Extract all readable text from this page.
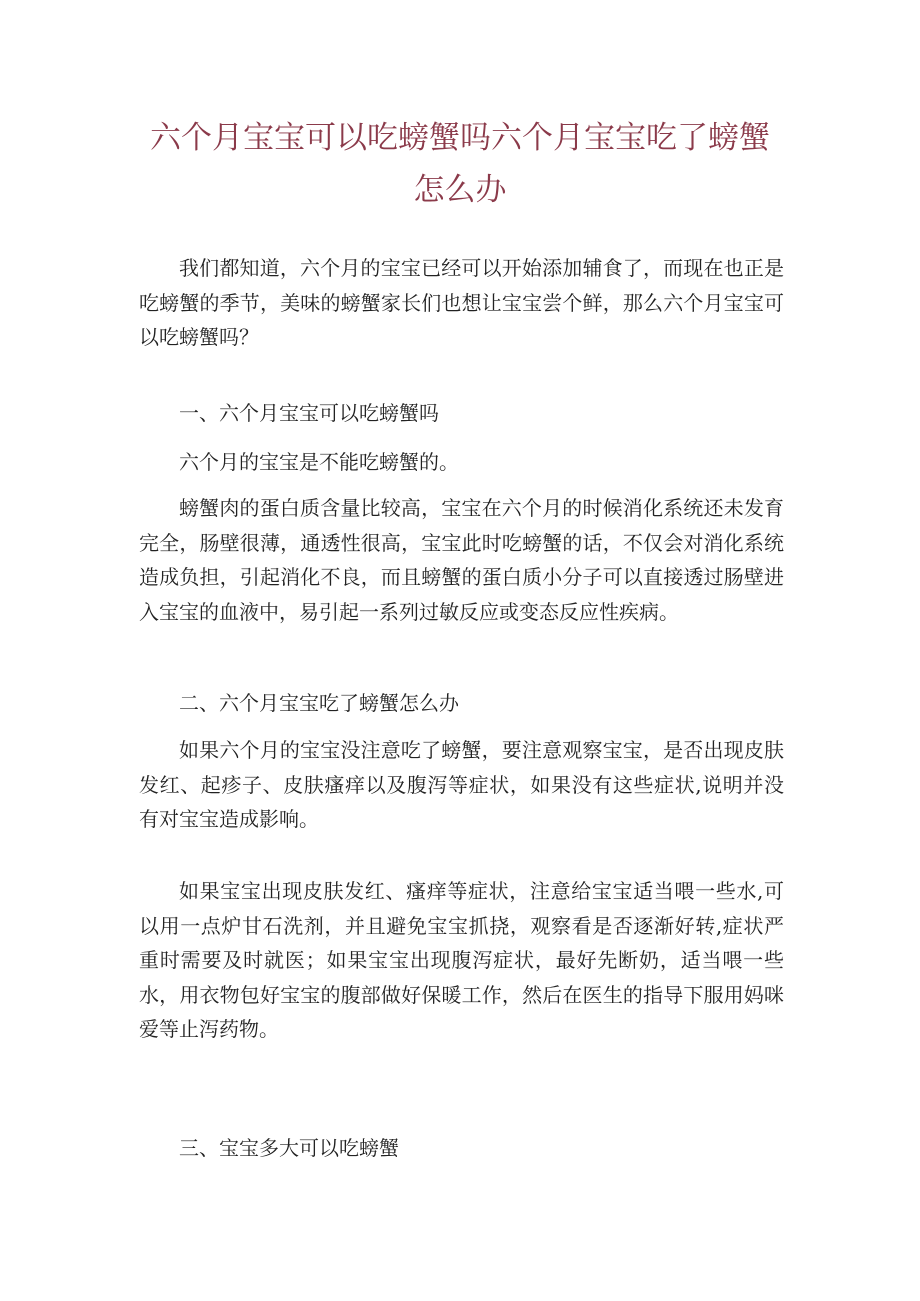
六个月宝宝可以吃螃蟹吗六个月宝宝吃了螃蟹怎么办

我们都知道，六个月的宝宝已经可以开始添加辅食了，而现在也正是吃螃蟹的季节，美味的螃蟹家长们也想让宝宝尝个鲜，那么六个月宝宝可以吃螃蟹吗？

一、六个月宝宝可以吃螃蟹吗

六个月的宝宝是不能吃螃蟹的。

螃蟹肉的蛋白质含量比较高，宝宝在六个月的时候消化系统还未发育完全，肠壁很薄，通透性很高，宝宝此时吃螃蟹的话，不仅会对消化系统造成负担，引起消化不良，而且螃蟹的蛋白质小分子可以直接透过肠壁进入宝宝的血液中，易引起一系列过敏反应或变态反应性疾病。

二、六个月宝宝吃了螃蟹怎么办

如果六个月的宝宝没注意吃了螃蟹，要注意观察宝宝，是否出现皮肤发红、起疹子、皮肤瘙痒以及腹泻等症状，如果没有这些症状,说明并没有对宝宝造成影响。

如果宝宝出现皮肤发红、瘙痒等症状，注意给宝宝适当喂一些水,可以用一点炉甘石洗剂，并且避免宝宝抓挠，观察看是否逐渐好转,症状严重时需要及时就医；如果宝宝出现腹泻症状，最好先断奶，适当喂一些水，用衣物包好宝宝的腹部做好保暖工作，然后在医生的指导下服用妈咪爱等止泻药物。

三、宝宝多大可以吃螃蟹
